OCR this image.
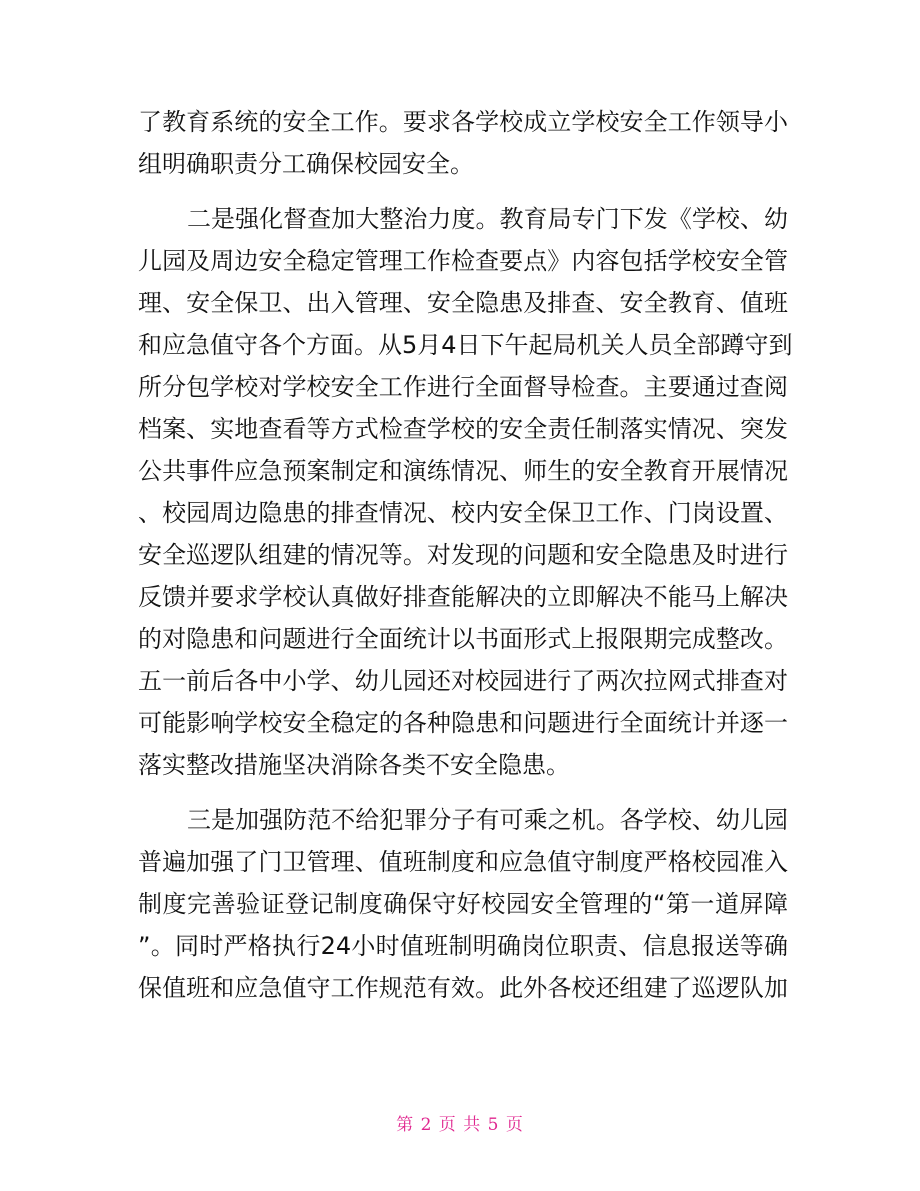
了教育系统的安全工作。要求各学校成立学校安全工作领导小
组明确职责分工确保校园安全。
二是强化督查加大整治力度。教育局专门下发《学校、幼
儿园及周边安全稳定管理工作检查要点》内容包括学校安全管
理、安全保卫、出入管理、安全隐患及排查、安全教育、值班
和应急值守各个方面。从5月4日下午起局机关人员全部蹲守到
所分包学校对学校安全工作进行全面督导检查。主要通过查阅
档案、实地查看等方式检查学校的安全责任制落实情况、突发
公共事件应急预案制定和演练情况、师生的安全教育开展情况
、校园周边隐患的排查情况、校内安全保卫工作、门岗设置、
安全巡逻队组建的情况等。对发现的问题和安全隐患及时进行
反馈并要求学校认真做好排查能解决的立即解决不能马上解决
的对隐患和问题进行全面统计以书面形式上报限期完成整改。
五一前后各中小学、幼儿园还对校园进行了两次拉网式排查对
可能影响学校安全稳定的各种隐患和问题进行全面统计并逐一
落实整改措施坚决消除各类不安全隐患。
三是加强防范不给犯罪分子有可乘之机。各学校、幼儿园
普遍加强了门卫管理、值班制度和应急值守制度严格校园准入
制度完善验证登记制度确保守好校园安全管理的“第一道屏障
”。同时严格执行24小时值班制明确岗位职责、信息报送等确
保值班和应急值守工作规范有效。此外各校还组建了巡逻队加
第 2 页 共 5 页
